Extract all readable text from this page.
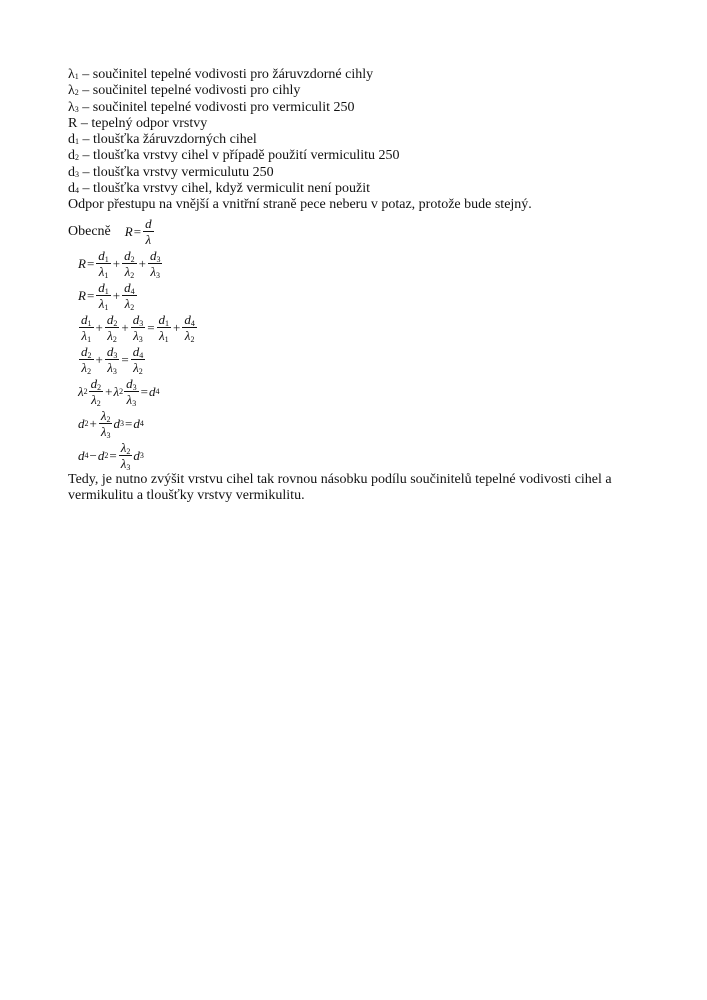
$\lambda_1$ – součinitel tepelné vodivosti pro žáruvzdorné cihly
$\lambda_2$ – součinitel tepelné vodivosti pro cihly
$\lambda_3$ – součinitel tepelné vodivosti pro vermiculit 250
R – tepelný odpor vrstvy
$d_1$ – tloušťka žáruvzdorných cihel
$d_2$ – tloušťka vrstvy cihel v případě použití vermiculitu 250
$d_3$ – tloušťka vrstvy vermiculutu 250
$d_4$ – tloušťka vrstvy cihel, když vermiculit není použit
Odpor přestupu na vnější a vnitřní straně pece neberu v potaz, protože bude stejný.
Obecně $R = \frac{d}{\lambda}$
$R = \frac{d_1}{\lambda_1} + \frac{d_2}{\lambda_2} + \frac{d_3}{\lambda_3}$
$R = \frac{d_1}{\lambda_1} + \frac{d_4}{\lambda_2}$
$\frac{d_1}{\lambda_1} + \frac{d_2}{\lambda_2} + \frac{d_3}{\lambda_3} = \frac{d_1}{\lambda_1} + \frac{d_4}{\lambda_2}$
$\frac{d_2}{\lambda_2} + \frac{d_3}{\lambda_3} = \frac{d_4}{\lambda_2}$
λ $2 \frac{d_2}{\lambda_2} + \lambda$ $2 \frac{d_3}{\lambda_3} = d$ 4
d $2 + \frac{\lambda_2}{\lambda_3}$ d 3 = d 4
d 4 − d $2 = \frac{\lambda_2}{\lambda_3}$ d 3
Tedy, je nutno zvýšit vrstvu cihel tak rovnou násobku podílu součinitelů tepelné vodivosti cihel a vermikulitu a tloušťky vrstvy vermikulitu.
